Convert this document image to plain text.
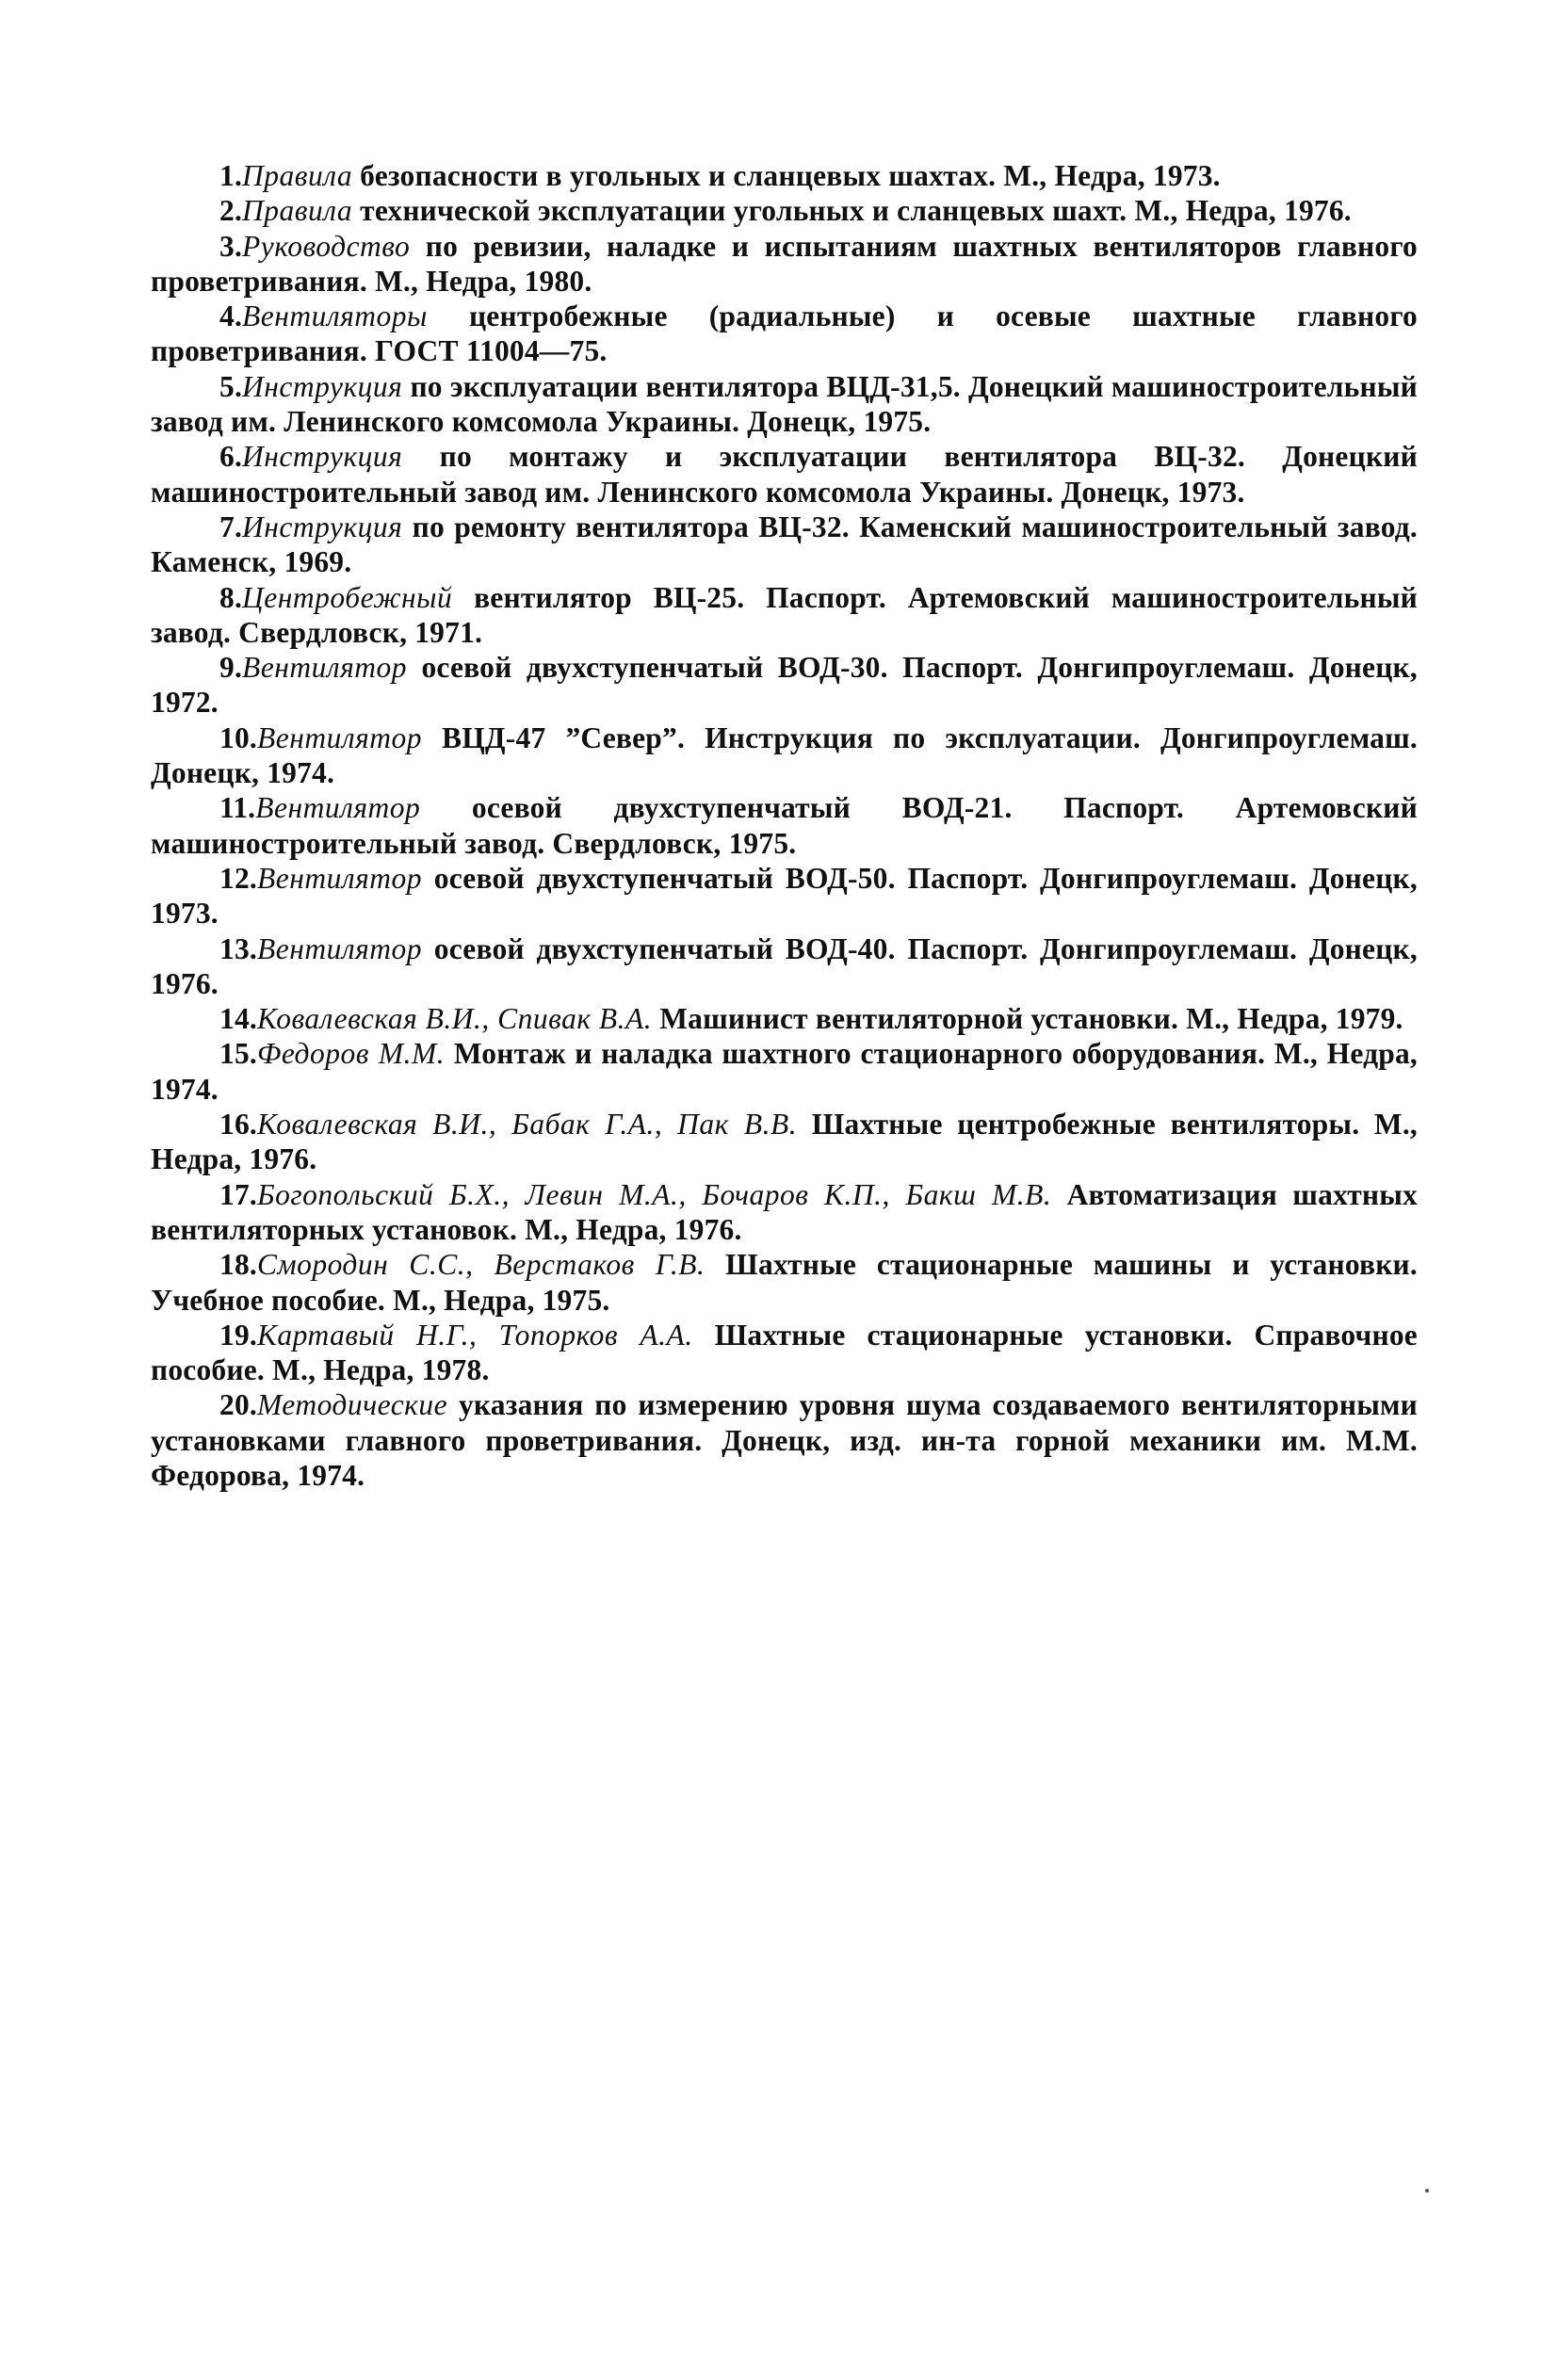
1.Правила безопасности в угольных и сланцевых шахтах. М., Недра, 1973.

2.Правила технической эксплуатации угольных и сланцевых шахт. М., Недра, 1976.

3.Руководство по ревизии, наладке и испытаниям шахтных вентиляторов главного проветривания. М., Недра, 1980.

4.Вентиляторы центробежные (радиальные) и осевые шахтные главного проветривания. ГОСТ 11004—75.

5.Инструкция по эксплуатации вентилятора ВЦД-31,5. Донецкий машиностроительный завод им. Ленинского комсомола Украины. Донецк, 1975.

6.Инструкция по монтажу и эксплуатации вентилятора ВЦ-32. Донецкий машиностроительный завод им. Ленинского комсомола Украины. Донецк, 1973.

7.Инструкция по ремонту вентилятора ВЦ-32. Каменский машиностроительный завод. Каменск, 1969.

8.Центробежный вентилятор ВЦ-25. Паспорт. Артемовский машиностроительный завод. Свердловск, 1971.

9.Вентилятор осевой двухступенчатый ВОД-30. Паспорт. Донгипроуглемаш. Донецк, 1972.

10.Вентилятор ВЦД-47 ”Север”. Инструкция по эксплуатации. Донгипроуглемаш. Донецк, 1974.

11.Вентилятор осевой двухступенчатый ВОД-21. Паспорт. Артемовский машиностроительный завод. Свердловск, 1975.

12.Вентилятор осевой двухступенчатый ВОД-50. Паспорт. Донгипроуглемаш. Донецк, 1973.

13.Вентилятор осевой двухступенчатый ВОД-40. Паспорт. Донгипроуглемаш. Донецк, 1976.

14.Ковалевская В.И., Спивак В.А. Машинист вентиляторной установки. М., Недра, 1979.

15.Федоров М.М. Монтаж и наладка шахтного стационарного оборудования. М., Недра, 1974.

16.Ковалевская В.И., Бабак Г.А., Пак В.В. Шахтные центробежные вентиляторы. М., Недра, 1976.

17.Богопольский Б.Х., Левин М.А., Бочаров К.П., Бакш М.В. Автоматизация шахтных вентиляторных установок. М., Недра, 1976.

18.Смородин С.С., Верстаков Г.В. Шахтные стационарные машины и установки. Учебное пособие. М., Недра, 1975.

19.Картавый Н.Г., Топорков А.А. Шахтные стационарные установки. Справочное пособие. М., Недра, 1978.

20.Методические указания по измерению уровня шума создаваемого вентиляторными установками главного проветривания. Донецк, изд. ин-та горной механики им. М.М. Федорова, 1974.
